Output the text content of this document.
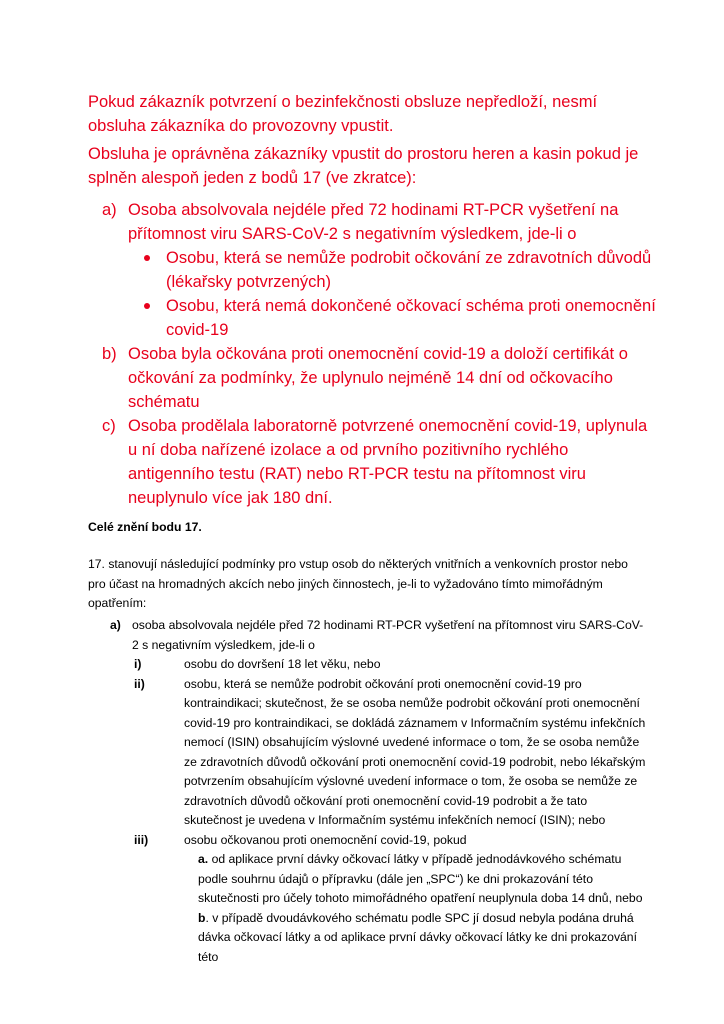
Pokud zákazník potvrzení o bezinfekčnosti obsluze nepředloží, nesmí obsluha zákazníka do provozovny vpustit.
Obsluha je oprávněna zákazníky vpustit do prostoru heren a kasin pokud je splněn alespoň jeden z bodů 17 (ve zkratce):
a) Osoba absolvovala nejdéle před 72 hodinami RT-PCR vyšetření na přítomnost viru SARS-CoV-2 s negativním výsledkem, jde-li o
Osobu, která se nemůže podrobit očkování ze zdravotních důvodů (lékařsky potvrzených)
Osobu, která nemá dokončené očkovací schéma proti onemocnění covid-19
b) Osoba byla očkována proti onemocnění covid-19 a doloží certifikát o očkování za podmínky, že uplynulo nejméně 14 dní od očkovacího schématu
c) Osoba prodělala laboratorně potvrzené onemocnění covid-19, uplynula u ní doba nařízené izolace a od prvního pozitivního rychlého antigenního testu (RAT) nebo RT-PCR testu na přítomnost viru neuplynulo více jak 180 dní.
Celé znění bodu 17.
17. stanovují následující podmínky pro vstup osob do některých vnitřních a venkovních prostor nebo pro účast na hromadných akcích nebo jiných činnostech, je-li to vyžadováno tímto mimořádným opatřením:
a) osoba absolvovala nejdéle před 72 hodinami RT-PCR vyšetření na přítomnost viru SARS-CoV-2 s negativním výsledkem, jde-li o
i)	osobu do dovršení 18 let věku, nebo
ii)	osobu, která se nemůže podrobit očkování proti onemocnění covid-19 pro kontraindikaci; skutečnost, že se osoba nemůže podrobit očkování proti onemocnění covid-19 pro kontraindikaci, se dokládá záznamem v Informačním systému infekčních nemocí (ISIN) obsahujícím výslovné uvedené informace o tom, že se osoba nemůže ze zdravotních důvodů očkování proti onemocnění covid-19 podrobit, nebo lékařským potvrzením obsahujícím výslovné uvedení informace o tom, že osoba se nemůže ze zdravotních důvodů očkování proti onemocnění covid-19 podrobit a že tato skutečnost je uvedena v Informačním systému infekčních nemocí (ISIN); nebo
iii)	osobu očkovanou proti onemocnění covid-19, pokud
a. od aplikace první dávky očkovací látky v případě jednodávkového schématu podle souhrnu údajů o přípravku (dále jen „SPC“) ke dni prokazování této skutečnosti pro účely tohoto mimořádného opatření neuplynula doba 14 dnů, nebo
b. v případě dvoudávkového schématu podle SPC jí dosud nebyla podána druhá dávka očkovací látky a od aplikace první dávky očkovací látky ke dni prokazování této
